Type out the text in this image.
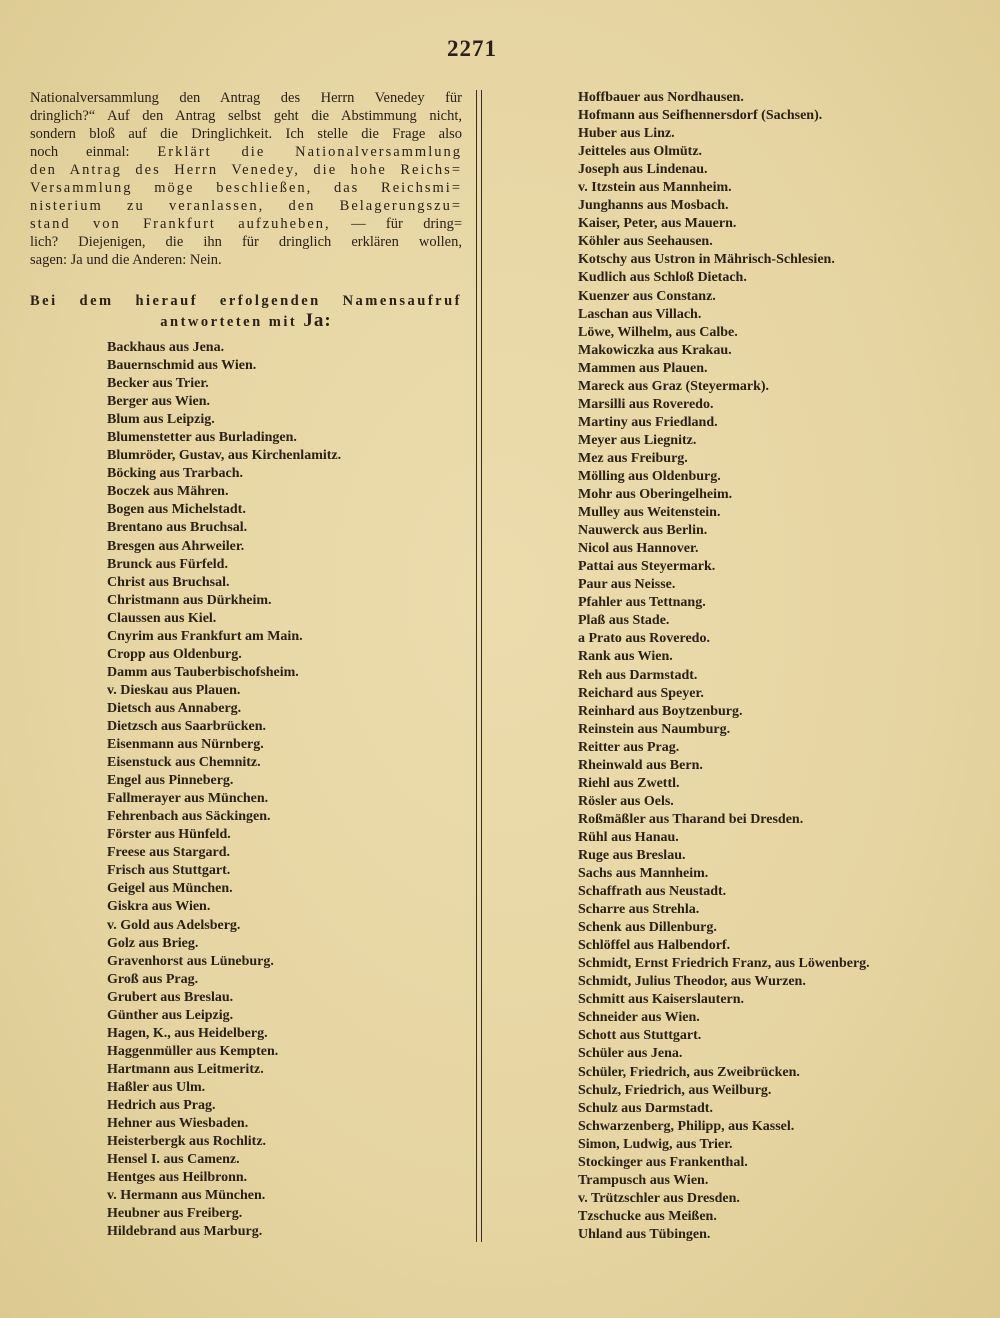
2271
Nationalversammlung den Antrag des Herrn Venedey für
dringlich?“ Auf den Antrag selbst geht die Abstimmung nicht,
sondern bloß auf die Dringlichkeit. Ich stelle die Frage also
noch einmal: Erklärt die Nationalversammlung
den Antrag des Herrn Venedey, die hohe Reichs=
Versammlung möge beschließen, das Reichsmi=
nisterium zu veranlassen, den Belagerungszu=
stand von Frankfurt aufzuheben, — für dring=
lich? Diejenigen, die ihn für dringlich erklären wollen,
sagen: Ja und die Anderen: Nein.
Bei dem hierauf erfolgenden Namensaufruf
antworteten mit Ja:
Backhaus aus Jena.
Bauernschmid aus Wien.
Becker aus Trier.
Berger aus Wien.
Blum aus Leipzig.
Blumenstetter aus Burladingen.
Blumröder, Gustav, aus Kirchenlamitz.
Böcking aus Trarbach.
Boczek aus Mähren.
Bogen aus Michelstadt.
Brentano aus Bruchsal.
Bresgen aus Ahrweiler.
Brunck aus Fürfeld.
Christ aus Bruchsal.
Christmann aus Dürkheim.
Claussen aus Kiel.
Cnyrim aus Frankfurt am Main.
Cropp aus Oldenburg.
Damm aus Tauberbischofsheim.
v. Dieskau aus Plauen.
Dietsch aus Annaberg.
Dietzsch aus Saarbrücken.
Eisenmann aus Nürnberg.
Eisenstuck aus Chemnitz.
Engel aus Pinneberg.
Fallmerayer aus München.
Fehrenbach aus Säckingen.
Förster aus Hünfeld.
Freese aus Stargard.
Frisch aus Stuttgart.
Geigel aus München.
Giskra aus Wien.
v. Gold aus Adelsberg.
Golz aus Brieg.
Gravenhorst aus Lüneburg.
Groß aus Prag.
Grubert aus Breslau.
Günther aus Leipzig.
Hagen, K., aus Heidelberg.
Haggenmüller aus Kempten.
Hartmann aus Leitmeritz.
Haßler aus Ulm.
Hedrich aus Prag.
Hehner aus Wiesbaden.
Heisterbergk aus Rochlitz.
Hensel I. aus Camenz.
Hentges aus Heilbronn.
v. Hermann aus München.
Heubner aus Freiberg.
Hildebrand aus Marburg.
Hoffbauer aus Nordhausen.
Hofmann aus Seifhennersdorf (Sachsen).
Huber aus Linz.
Jeitteles aus Olmütz.
Joseph aus Lindenau.
v. Itzstein aus Mannheim.
Junghanns aus Mosbach.
Kaiser, Peter, aus Mauern.
Köhler aus Seehausen.
Kotschy aus Ustron in Mährisch-Schlesien.
Kudlich aus Schloß Dietach.
Kuenzer aus Constanz.
Laschan aus Villach.
Löwe, Wilhelm, aus Calbe.
Makowiczka aus Krakau.
Mammen aus Plauen.
Mareck aus Graz (Steyermark).
Marsilli aus Roveredo.
Martiny aus Friedland.
Meyer aus Liegnitz.
Mez aus Freiburg.
Mölling aus Oldenburg.
Mohr aus Oberingelheim.
Mulley aus Weitenstein.
Nauwerck aus Berlin.
Nicol aus Hannover.
Pattai aus Steyermark.
Paur aus Neisse.
Pfahler aus Tettnang.
Plaß aus Stade.
a Prato aus Roveredo.
Rank aus Wien.
Reh aus Darmstadt.
Reichard aus Speyer.
Reinhard aus Boytzenburg.
Reinstein aus Naumburg.
Reitter aus Prag.
Rheinwald aus Bern.
Riehl aus Zwettl.
Rösler aus Oels.
Roßmäßler aus Tharand bei Dresden.
Rühl aus Hanau.
Ruge aus Breslau.
Sachs aus Mannheim.
Schaffrath aus Neustadt.
Scharre aus Strehla.
Schenk aus Dillenburg.
Schlöffel aus Halbendorf.
Schmidt, Ernst Friedrich Franz, aus Löwenberg.
Schmidt, Julius Theodor, aus Wurzen.
Schmitt aus Kaiserslautern.
Schneider aus Wien.
Schott aus Stuttgart.
Schüler aus Jena.
Schüler, Friedrich, aus Zweibrücken.
Schulz, Friedrich, aus Weilburg.
Schulz aus Darmstadt.
Schwarzenberg, Philipp, aus Kassel.
Simon, Ludwig, aus Trier.
Stockinger aus Frankenthal.
Trampusch aus Wien.
v. Trützschler aus Dresden.
Tzschucke aus Meißen.
Uhland aus Tübingen.
